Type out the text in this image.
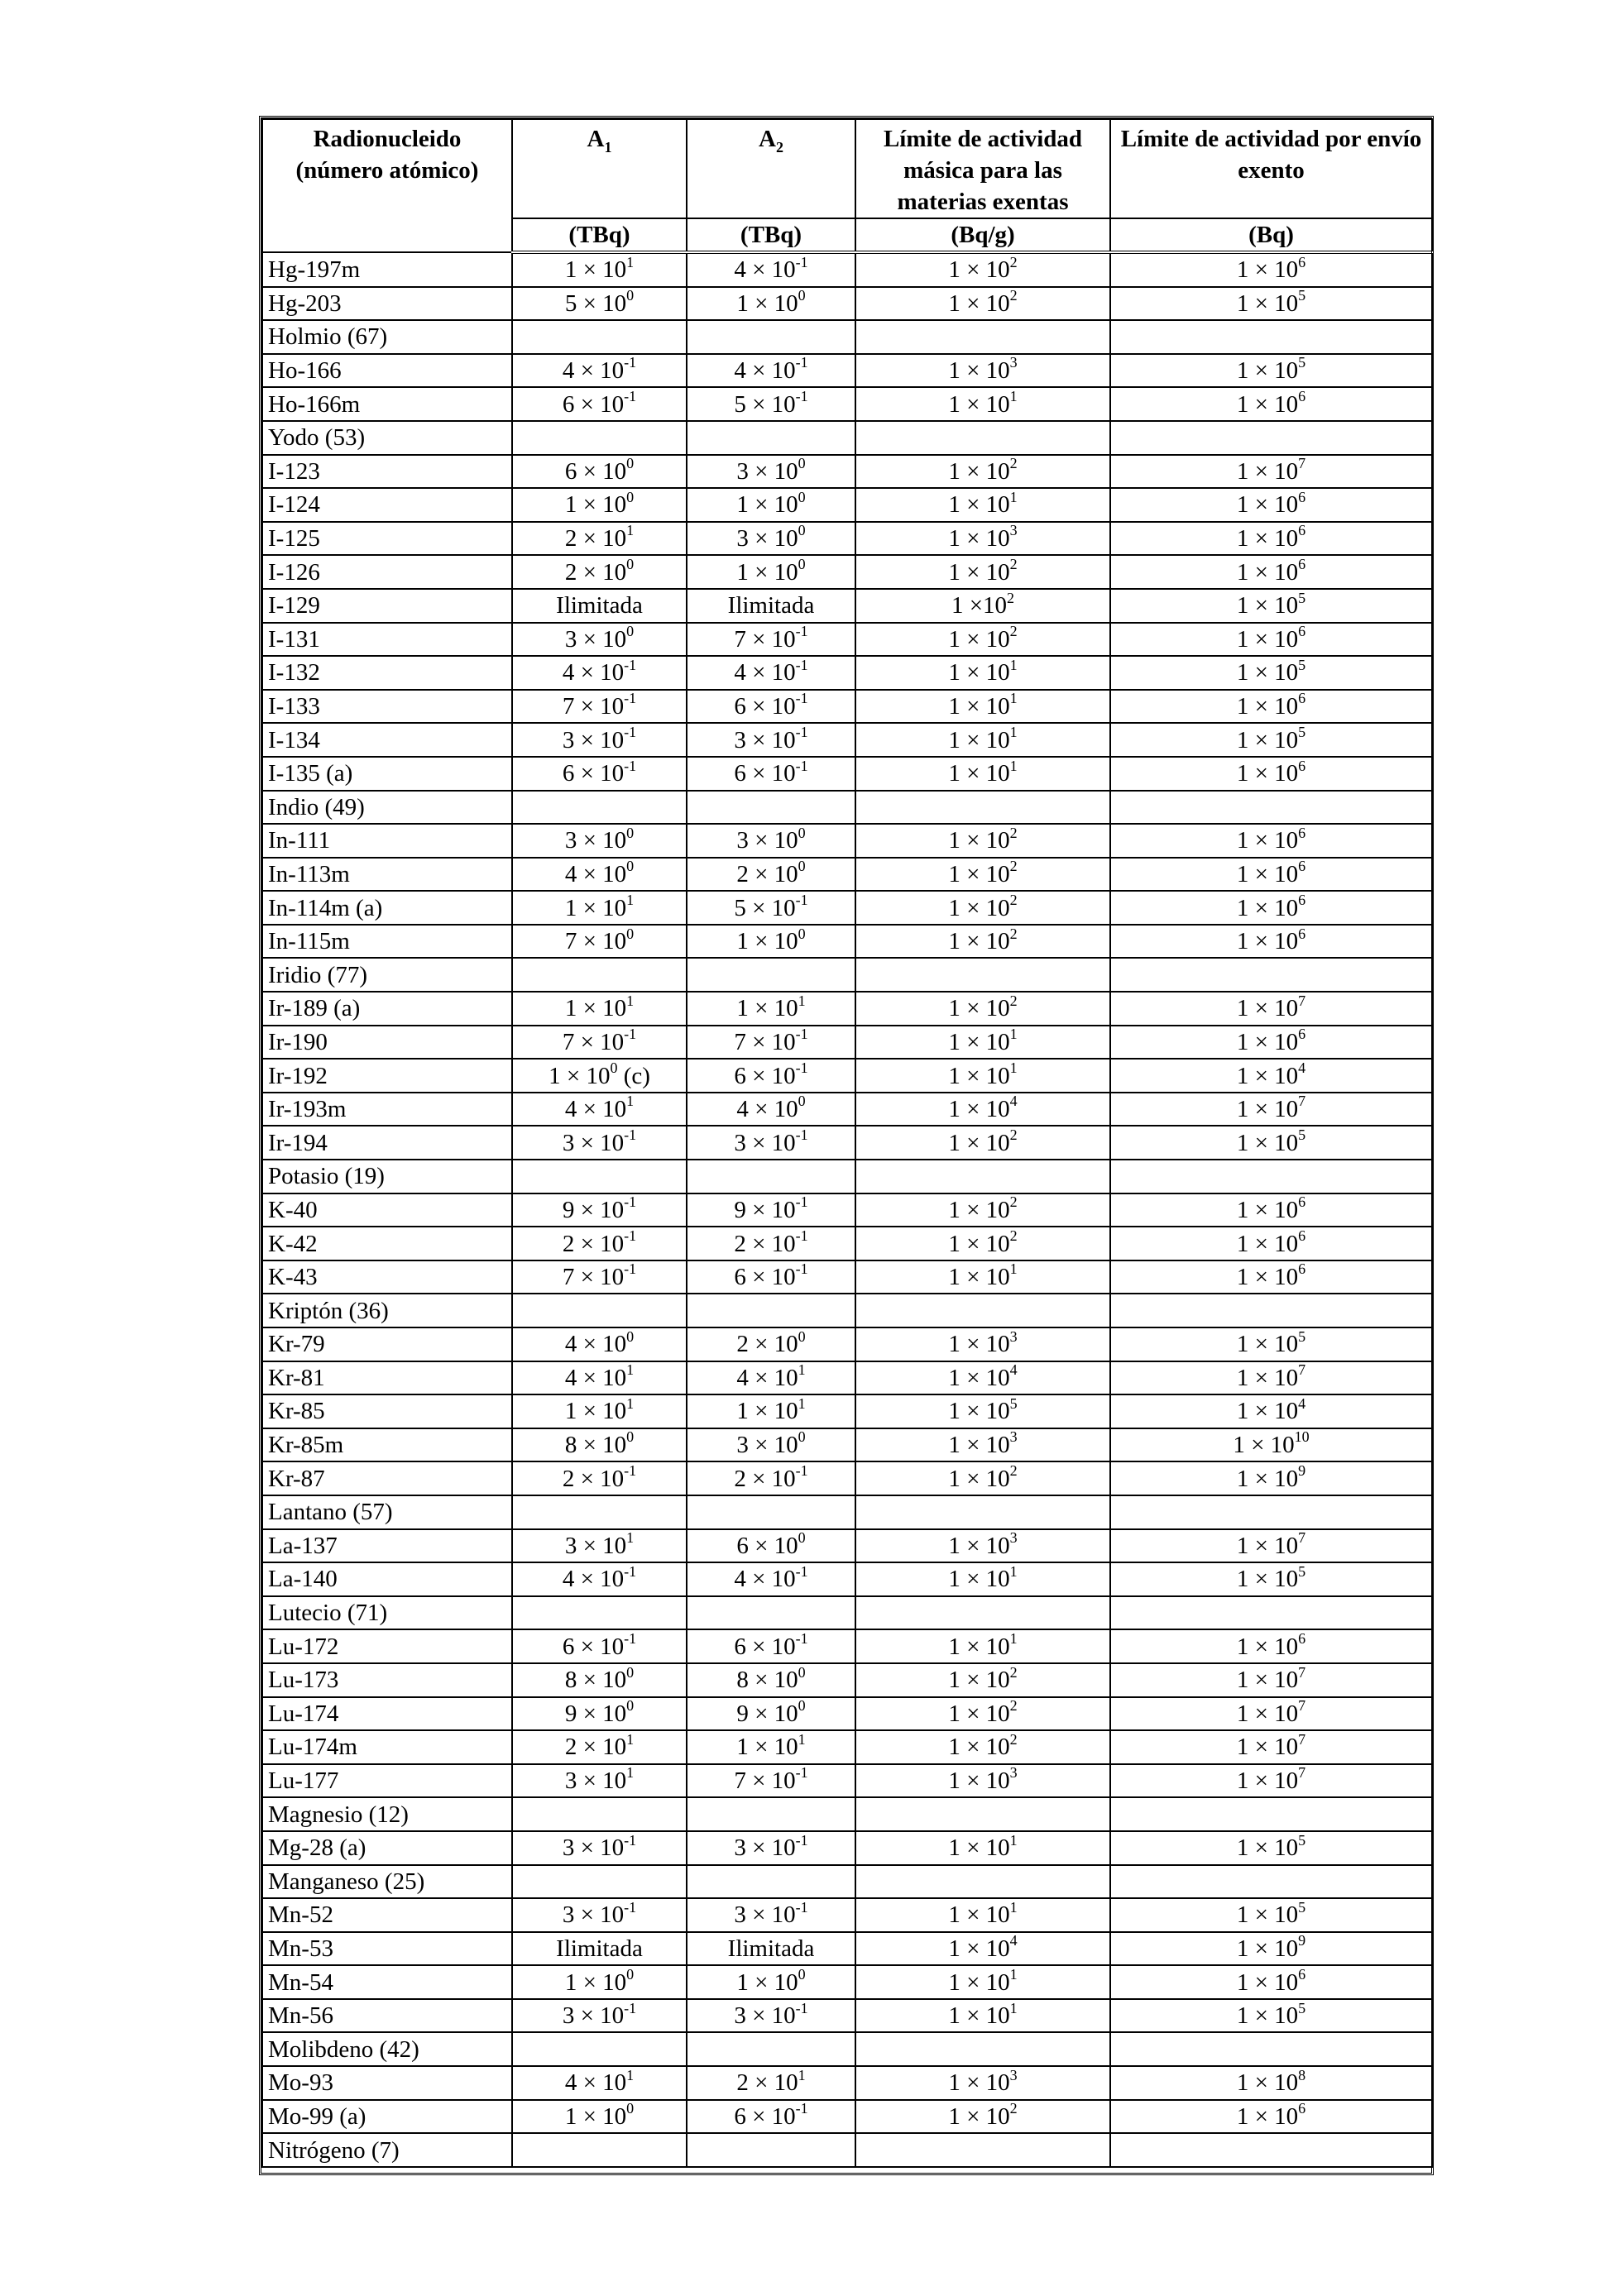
Radionucleido
(número atómico)	$A_1$	$A_2$	Límite de actividad másica para las materias exentas	Límite de actividad por envío exento
	(TBq)	(TBq)	(Bq/g)	(Bq)
Hg-197m	$1 \times 10^1$	$4 \times 10^{-1}$	$1 \times 10^2$	$1 \times 10^6$
Hg-203	$5 \times 10^0$	$1 \times 10^0$	$1 \times 10^2$	$1 \times 10^5$
Holmio (67)				
Ho-166	$4 \times 10^{-1}$	$4 \times 10^{-1}$	$1 \times 10^3$	$1 \times 10^5$
Ho-166m	$6 \times 10^{-1}$	$5 \times 10^{-1}$	$1 \times 10^1$	$1 \times 10^6$
Yodo (53)				
I-123	$6 \times 10^0$	$3 \times 10^0$	$1 \times 10^2$	$1 \times 10^7$
I-124	$1 \times 10^0$	$1 \times 10^0$	$1 \times 10^1$	$1 \times 10^6$
I-125	$2 \times 10^1$	$3 \times 10^0$	$1 \times 10^3$	$1 \times 10^6$
I-126	$2 \times 10^0$	$1 \times 10^0$	$1 \times 10^2$	$1 \times 10^6$
I-129	Ilimitada	Ilimitada	$1 \times 10^2$	$1 \times 10^5$
I-131	$3 \times 10^0$	$7 \times 10^{-1}$	$1 \times 10^2$	$1 \times 10^6$
I-132	$4 \times 10^{-1}$	$4 \times 10^{-1}$	$1 \times 10^1$	$1 \times 10^5$
I-133	$7 \times 10^{-1}$	$6 \times 10^{-1}$	$1 \times 10^1$	$1 \times 10^6$
I-134	$3 \times 10^{-1}$	$3 \times 10^{-1}$	$1 \times 10^1$	$1 \times 10^5$
I-135 (a)	$6 \times 10^{-1}$	$6 \times 10^{-1}$	$1 \times 10^1$	$1 \times 10^6$
Indio (49)				
In-111	$3 \times 10^0$	$3 \times 10^0$	$1 \times 10^2$	$1 \times 10^6$
In-113m	$4 \times 10^0$	$2 \times 10^0$	$1 \times 10^2$	$1 \times 10^6$
In-114m (a)	$1 \times 10^1$	$5 \times 10^{-1}$	$1 \times 10^2$	$1 \times 10^6$
In-115m	$7 \times 10^0$	$1 \times 10^0$	$1 \times 10^2$	$1 \times 10^6$
Iridio (77)				
Ir-189 (a)	$1 \times 10^1$	$1 \times 10^1$	$1 \times 10^2$	$1 \times 10^7$
Ir-190	$7 \times 10^{-1}$	$7 \times 10^{-1}$	$1 \times 10^1$	$1 \times 10^6$
Ir-192	$1 \times 10^0$ (c)	$6 \times 10^{-1}$	$1 \times 10^1$	$1 \times 10^4$
Ir-193m	$4 \times 10^1$	$4 \times 10^0$	$1 \times 10^4$	$1 \times 10^7$
Ir-194	$3 \times 10^{-1}$	$3 \times 10^{-1}$	$1 \times 10^2$	$1 \times 10^5$
Potasio (19)				
K-40	$9 \times 10^{-1}$	$9 \times 10^{-1}$	$1 \times 10^2$	$1 \times 10^6$
K-42	$2 \times 10^{-1}$	$2 \times 10^{-1}$	$1 \times 10^2$	$1 \times 10^6$
K-43	$7 \times 10^{-1}$	$6 \times 10^{-1}$	$1 \times 10^1$	$1 \times 10^6$
Kriptón (36)				
Kr-79	$4 \times 10^0$	$2 \times 10^0$	$1 \times 10^3$	$1 \times 10^5$
Kr-81	$4 \times 10^1$	$4 \times 10^1$	$1 \times 10^4$	$1 \times 10^7$
Kr-85	$1 \times 10^1$	$1 \times 10^1$	$1 \times 10^5$	$1 \times 10^4$
Kr-85m	$8 \times 10^0$	$3 \times 10^0$	$1 \times 10^3$	$1 \times 10^{10}$
Kr-87	$2 \times 10^{-1}$	$2 \times 10^{-1}$	$1 \times 10^2$	$1 \times 10^9$
Lantano (57)				
La-137	$3 \times 10^1$	$6 \times 10^0$	$1 \times 10^3$	$1 \times 10^7$
La-140	$4 \times 10^{-1}$	$4 \times 10^{-1}$	$1 \times 10^1$	$1 \times 10^5$
Lutecio (71)				
Lu-172	$6 \times 10^{-1}$	$6 \times 10^{-1}$	$1 \times 10^1$	$1 \times 10^6$
Lu-173	$8 \times 10^0$	$8 \times 10^0$	$1 \times 10^2$	$1 \times 10^7$
Lu-174	$9 \times 10^0$	$9 \times 10^0$	$1 \times 10^2$	$1 \times 10^7$
Lu-174m	$2 \times 10^1$	$1 \times 10^1$	$1 \times 10^2$	$1 \times 10^7$
Lu-177	$3 \times 10^1$	$7 \times 10^{-1}$	$1 \times 10^3$	$1 \times 10^7$
Magnesio (12)				
Mg-28 (a)	$3 \times 10^{-1}$	$3 \times 10^{-1}$	$1 \times 10^1$	$1 \times 10^5$
Manganeso (25)				
Mn-52	$3 \times 10^{-1}$	$3 \times 10^{-1}$	$1 \times 10^1$	$1 \times 10^5$
Mn-53	Ilimitada	Ilimitada	$1 \times 10^4$	$1 \times 10^9$
Mn-54	$1 \times 10^0$	$1 \times 10^0$	$1 \times 10^1$	$1 \times 10^6$
Mn-56	$3 \times 10^{-1}$	$3 \times 10^{-1}$	$1 \times 10^1$	$1 \times 10^5$
Molibdeno (42)				
Mo-93	$4 \times 10^1$	$2 \times 10^1$	$1 \times 10^3$	$1 \times 10^8$
Mo-99 (a)	$1 \times 10^0$	$6 \times 10^{-1}$	$1 \times 10^2$	$1 \times 10^6$
Nitrógeno (7)				
